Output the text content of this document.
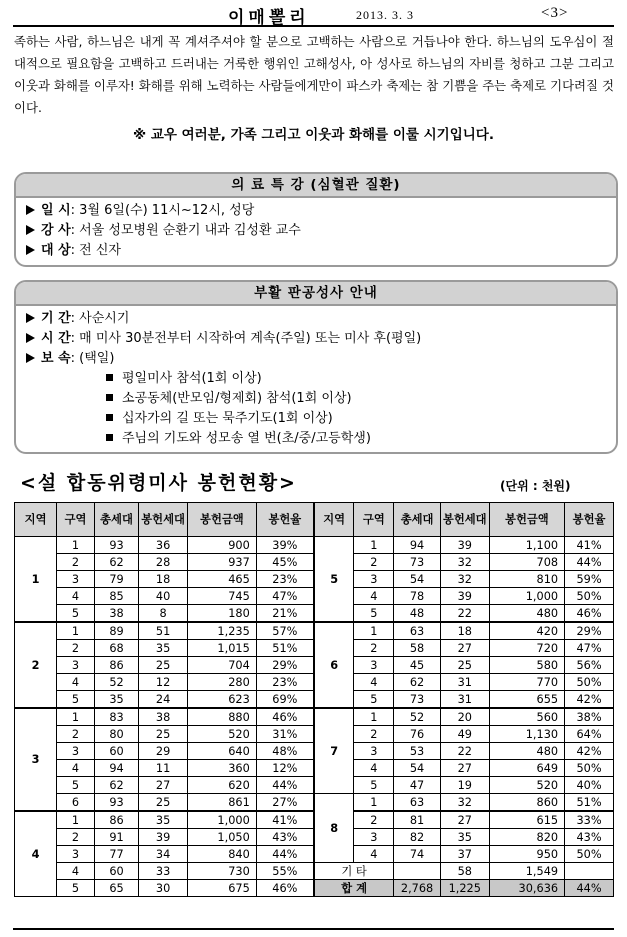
이매뽈리	2013. 3. 3	<3>
족하는 사람, 하느님은 내게 꼭 계셔주셔야 할 분으로 고백하는 사람으로 거듭나야 한다. 하느님의 도우심이 절대적으로 필요함을 고백하고 드러내는 거룩한 행위인 고해성사, 아 성사로 하느님의 자비를 청하고 그분 그리고 이웃과 화해를 이루자! 화해를 위해 노력하는 사람들에게만이 파스카 축제는 참 기쁨을 주는 축제로 기다려질 것이다.
※ 교우 여러분, 가족 그리고 이웃과 화해를 이룰 시기입니다.
의 료 특 강 (심혈관 질환)
일 시: 3월 6일(수) 11시~12시, 성당
강 사: 서울 성모병원 순환기 내과 김성환 교수
대 상: 전 신자
부활 판공성사 안내
기 간: 사순시기
시 간: 매 미사 30분전부터 시작하여 계속(주일) 또는 미사 후(평일)
보 속: (택일)
평일미사 참석(1회 이상)
소공동체(반모임/형제회) 참석(1회 이상)
십자가의 길 또는 묵주기도(1회 이상)
주님의 기도와 성모송 열 번(초/중/고등학생)
<설 합동위령미사 봉헌현황>	(단위 : 천원)
지역	구역	총세대	봉헌세대	봉헌금액	봉헌율	지역	구역	총세대	봉헌세대	봉헌금액	봉헌율
1	1	93	36	900	39%	5	1	94	39	1,100	41%
	2	62	28	937	45%		2	73	32	708	44%
	3	79	18	465	23%		3	54	32	810	59%
	4	85	40	745	47%		4	78	39	1,000	50%
	5	38	8	180	21%		5	48	22	480	46%
2	1	89	51	1,235	57%	6	1	63	18	420	29%
	2	68	35	1,015	51%		2	58	27	720	47%
	3	86	25	704	29%		3	45	25	580	56%
	4	52	12	280	23%		4	62	31	770	50%
	5	35	24	623	69%		5	73	31	655	42%
3	1	83	38	880	46%	7	1	52	20	560	38%
	2	80	25	520	31%		2	76	49	1,130	64%
	3	60	29	640	48%		3	53	22	480	42%
	4	94	11	360	12%		4	54	27	649	50%
	5	62	27	620	44%		5	47	19	520	40%
	6	93	25	861	27%	8	1	63	32	860	51%
4	1	86	35	1,000	41%		2	81	27	615	33%
	2	91	39	1,050	43%		3	82	35	820	43%
	3	77	34	840	44%		4	74	37	950	50%
	4	60	33	730	55%	기 타			58	1,549	
	5	65	30	675	46%	합 계		2,768	1,225	30,636	44%
